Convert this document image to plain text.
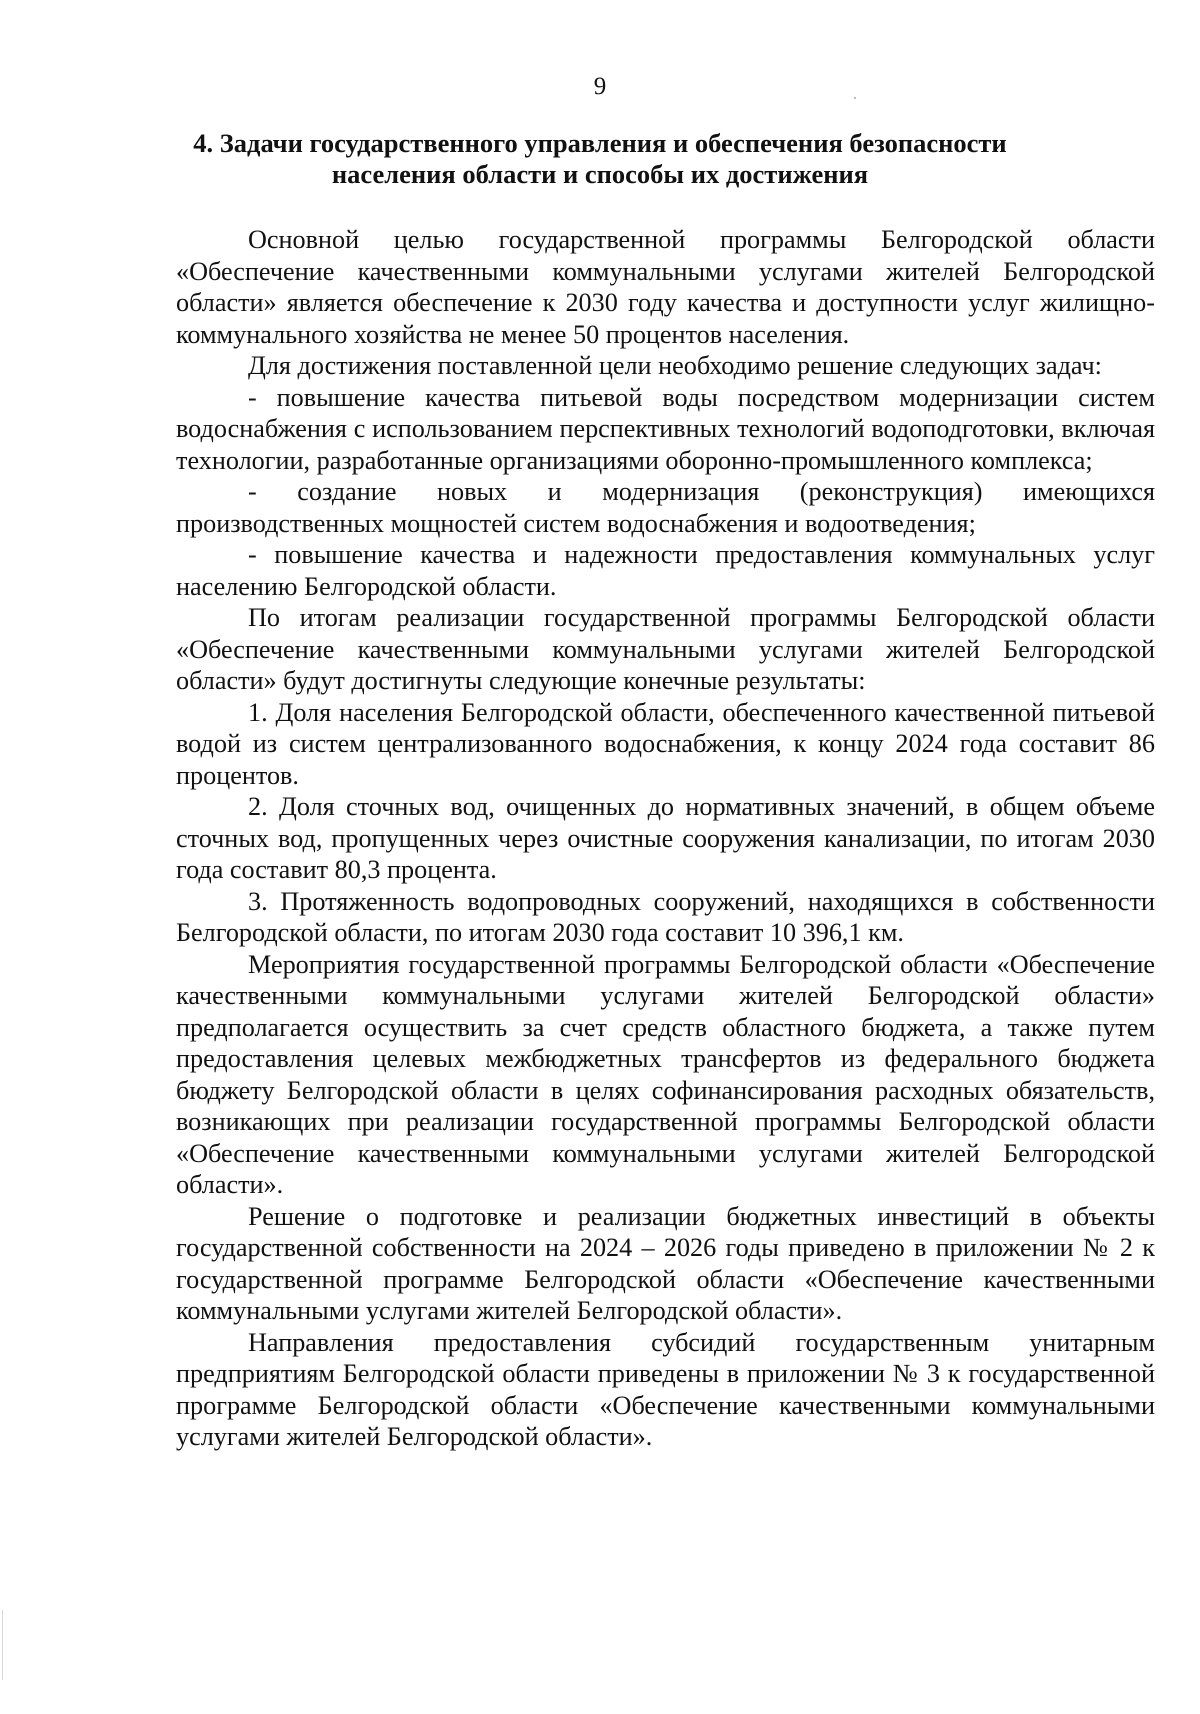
9
4. Задачи государственного управления и обеспечения безопасности
населения области и способы их достижения

Основной целью государственной программы Белгородской области «Обеспечение качественными коммунальными услугами жителей Белгородской области» является обеспечение к 2030 году качества и доступности услуг жилищно-коммунального хозяйства не менее 50 процентов населения.

Для достижения поставленной цели необходимо решение следующих задач:

- повышение качества питьевой воды посредством модернизации систем водоснабжения с использованием перспективных технологий водоподготовки, включая технологии, разработанные организациями оборонно-промышленного комплекса;

- создание новых и модернизация (реконструкция) имеющихся производственных мощностей систем водоснабжения и водоотведения;

- повышение качества и надежности предоставления коммунальных услуг населению Белгородской области.

По итогам реализации государственной программы Белгородской области «Обеспечение качественными коммунальными услугами жителей Белгородской области» будут достигнуты следующие конечные результаты:

1. Доля населения Белгородской области, обеспеченного качественной питьевой водой из систем централизованного водоснабжения, к концу 2024 года составит 86 процентов.

2. Доля сточных вод, очищенных до нормативных значений, в общем объеме сточных вод, пропущенных через очистные сооружения канализации, по итогам 2030 года составит 80,3 процента.

3. Протяженность водопроводных сооружений, находящихся в собственности Белгородской области, по итогам 2030 года составит 10 396,1 км.

Мероприятия государственной программы Белгородской области «Обеспечение качественными коммунальными услугами жителей Белгородской области» предполагается осуществить за счет средств областного бюджета, а также путем предоставления целевых межбюджетных трансфертов из федерального бюджета бюджету Белгородской области в целях софинансирования расходных обязательств, возникающих при реализации государственной программы Белгородской области «Обеспечение качественными коммунальными услугами жителей Белгородской области».

Решение о подготовке и реализации бюджетных инвестиций в объекты государственной собственности на 2024 – 2026 годы приведено в приложении № 2 к государственной программе Белгородской области «Обеспечение качественными коммунальными услугами жителей Белгородской области».

Направления предоставления субсидий государственным унитарным предприятиям Белгородской области приведены в приложении № 3 к государственной программе Белгородской области «Обеспечение качественными коммунальными услугами жителей Белгородской области».
